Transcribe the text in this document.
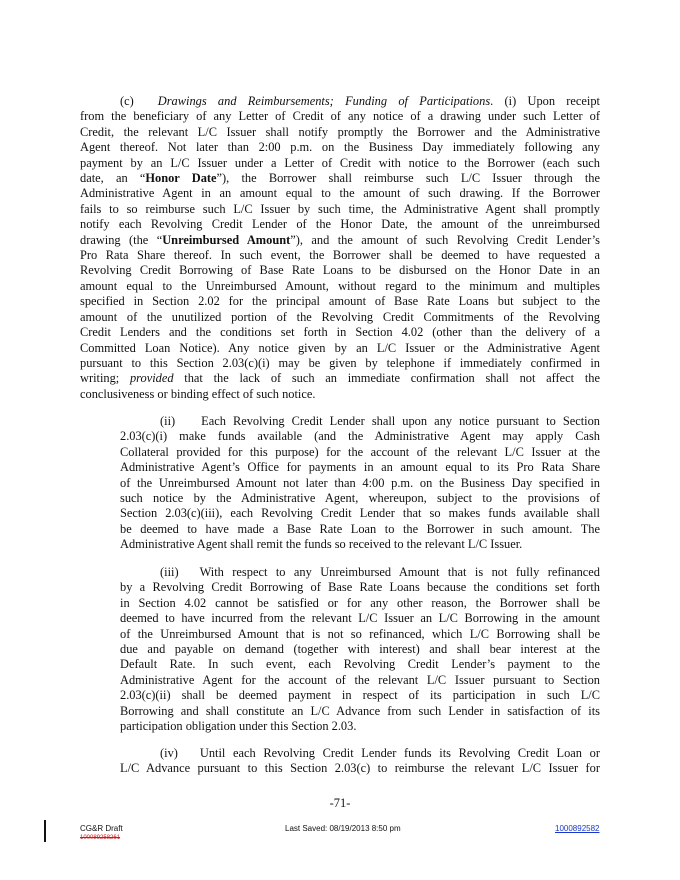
(c) Drawings and Reimbursements; Funding of Participations. (i) Upon receipt
from the beneficiary of any Letter of Credit of any notice of a drawing under such Letter of
Credit, the relevant L/C Issuer shall notify promptly the Borrower and the Administrative
Agent thereof. Not later than 2:00 p.m. on the Business Day immediately following any
payment by an L/C Issuer under a Letter of Credit with notice to the Borrower (each such
date, an “Honor Date”), the Borrower shall reimburse such L/C Issuer through the
Administrative Agent in an amount equal to the amount of such drawing. If the Borrower
fails to so reimburse such L/C Issuer by such time, the Administrative Agent shall promptly
notify each Revolving Credit Lender of the Honor Date, the amount of the unreimbursed
drawing (the “Unreimbursed Amount”), and the amount of such Revolving Credit Lender’s
Pro Rata Share thereof. In such event, the Borrower shall be deemed to have requested a
Revolving Credit Borrowing of Base Rate Loans to be disbursed on the Honor Date in an
amount equal to the Unreimbursed Amount, without regard to the minimum and multiples
specified in Section 2.02 for the principal amount of Base Rate Loans but subject to the
amount of the unutilized portion of the Revolving Credit Commitments of the Revolving
Credit Lenders and the conditions set forth in Section 4.02 (other than the delivery of a
Committed Loan Notice). Any notice given by an L/C Issuer or the Administrative Agent
pursuant to this Section 2.03(c)(i) may be given by telephone if immediately confirmed in
writing; provided that the lack of such an immediate confirmation shall not affect the
conclusiveness or binding effect of such notice.
(ii) Each Revolving Credit Lender shall upon any notice pursuant to Section
2.03(c)(i) make funds available (and the Administrative Agent may apply Cash
Collateral provided for this purpose) for the account of the relevant L/C Issuer at the
Administrative Agent’s Office for payments in an amount equal to its Pro Rata Share
of the Unreimbursed Amount not later than 4:00 p.m. on the Business Day specified in
such notice by the Administrative Agent, whereupon, subject to the provisions of
Section 2.03(c)(iii), each Revolving Credit Lender that so makes funds available shall
be deemed to have made a Base Rate Loan to the Borrower in such amount. The
Administrative Agent shall remit the funds so received to the relevant L/C Issuer.
(iii) With respect to any Unreimbursed Amount that is not fully refinanced
by a Revolving Credit Borrowing of Base Rate Loans because the conditions set forth
in Section 4.02 cannot be satisfied or for any other reason, the Borrower shall be
deemed to have incurred from the relevant L/C Issuer an L/C Borrowing in the amount
of the Unreimbursed Amount that is not so refinanced, which L/C Borrowing shall be
due and payable on demand (together with interest) and shall bear interest at the
Default Rate. In such event, each Revolving Credit Lender’s payment to the
Administrative Agent for the account of the relevant L/C Issuer pursuant to Section
2.03(c)(ii) shall be deemed payment in respect of its participation in such L/C
Borrowing and shall constitute an L/C Advance from such Lender in satisfaction of its
participation obligation under this Section 2.03.
(iv) Until each Revolving Credit Lender funds its Revolving Credit Loan or
L/C Advance pursuant to this Section 2.03(c) to reimburse the relevant L/C Issuer for
-71-
CG&R Draft
100089258261
Last Saved: 08/19/2013 8:50 pm	1000892582
